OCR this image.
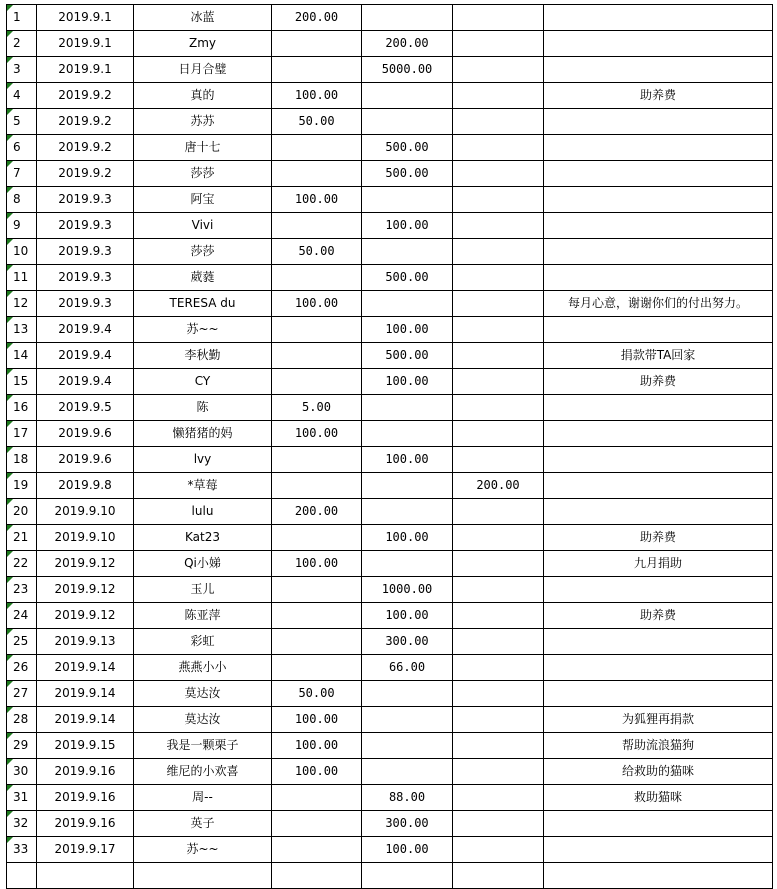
1	2019.9.1	冰蓝	200.00			
2	2019.9.1	Zmy		200.00		
3	2019.9.1	日月合璧		5000.00		
4	2019.9.2	真的	100.00			助养费
5	2019.9.2	苏苏	50.00			
6	2019.9.2	唐十七		500.00		
7	2019.9.2	莎莎		500.00		
8	2019.9.3	阿宝	100.00			
9	2019.9.3	Vivi		100.00		
10	2019.9.3	莎莎	50.00			
11	2019.9.3	葳蕤		500.00		
12	2019.9.3	TERESA du	100.00			每月心意，谢谢你们的付出努力。
13	2019.9.4	苏~~		100.00		
14	2019.9.4	李秋勤		500.00		捐款带TA回家
15	2019.9.4	CY		100.00		助养费
16	2019.9.5	陈	5.00			
17	2019.9.6	懒猪猪的妈	100.00			
18	2019.9.6	lvy		100.00		
19	2019.9.8	*草莓			200.00	
20	2019.9.10	lulu	200.00			
21	2019.9.10	Kat23		100.00		助养费
22	2019.9.12	Qi小娣	100.00			九月捐助
23	2019.9.12	玉儿		1000.00		
24	2019.9.12	陈亚萍		100.00		助养费
25	2019.9.13	彩虹		300.00		
26	2019.9.14	燕燕小小		66.00		
27	2019.9.14	莫达汝	50.00			
28	2019.9.14	莫达汝	100.00			为狐狸再捐款
29	2019.9.15	我是一颗栗子	100.00			帮助流浪猫狗
30	2019.9.16	维尼的小欢喜	100.00			给救助的猫咪
31	2019.9.16	周--		88.00		救助猫咪
32	2019.9.16	英子		300.00		
33	2019.9.17	苏~~		100.00		
